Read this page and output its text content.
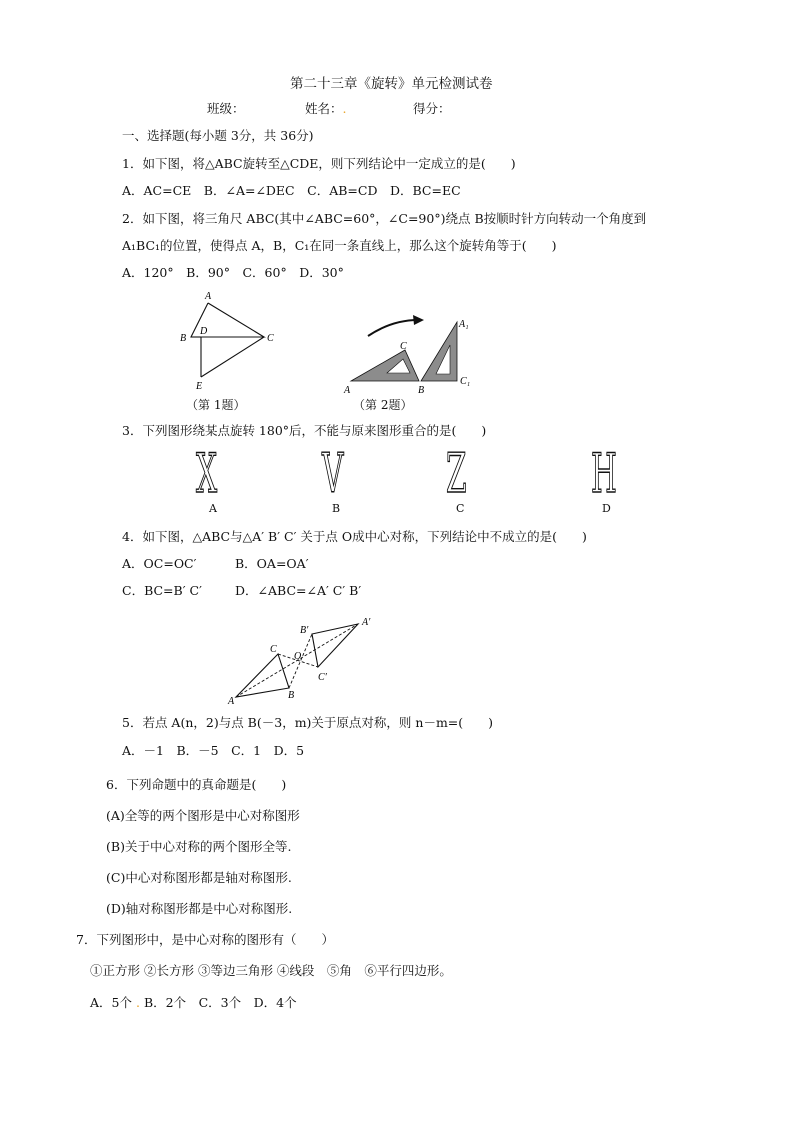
第二十三章《旋转》单元检测试卷
班级：	姓名：.	得分：
一、选择题(每小题 3分，共 36分)
1．如下图，将△ABC旋转至△CDE，则下列结论中一定成立的是(　　)
A．AC=CE　B．∠A=∠DEC　C．AB=CD　D．BC=EC
2．如下图，将三角尺 ABC(其中∠ABC=60°，∠C=90°)绕点 B按顺时针方向转动一个角度到
A₁BC₁的位置，使得点 A，B，C₁在同一条直线上，那么这个旋转角等于(　　)
A．120°　B．90°　C．60°　D．30°
A
B
D
C
E	A
C
B
A₁
C₁
（第 1题）	（第 2题）
3．下列图形绕某点旋转 180°后，不能与原来图形重合的是(　　)
X V Z H
A	B	C	D
4．如下图，△ABC与△A′ B′ C′ 关于点 O成中心对称，下列结论中不成立的是(　　)
A．OC=OC′	B．OA=OA′
C．BC=B′ C′	D．∠ABC=∠A′ C′ B′
A
B
C
O
A′
B′
C′
5．若点 A(n，2)与点 B(－3，m)关于原点对称，则 n－m=(　　)
A．－1　B．－5　C．1　D．5
6．下列命题中的真命题是(　　)
(A)全等的两个图形是中心对称图形
(B)关于中心对称的两个图形全等.
(C)中心对称图形都是轴对称图形.
(D)轴对称图形都是中心对称图形.
7．下列图形中，是中心对称的图形有（　　）
①正方形 ②长方形 ③等边三角形 ④线段　⑤角　⑥平行四边形。
A．5个 . B．2个　C．3个　D．4个
